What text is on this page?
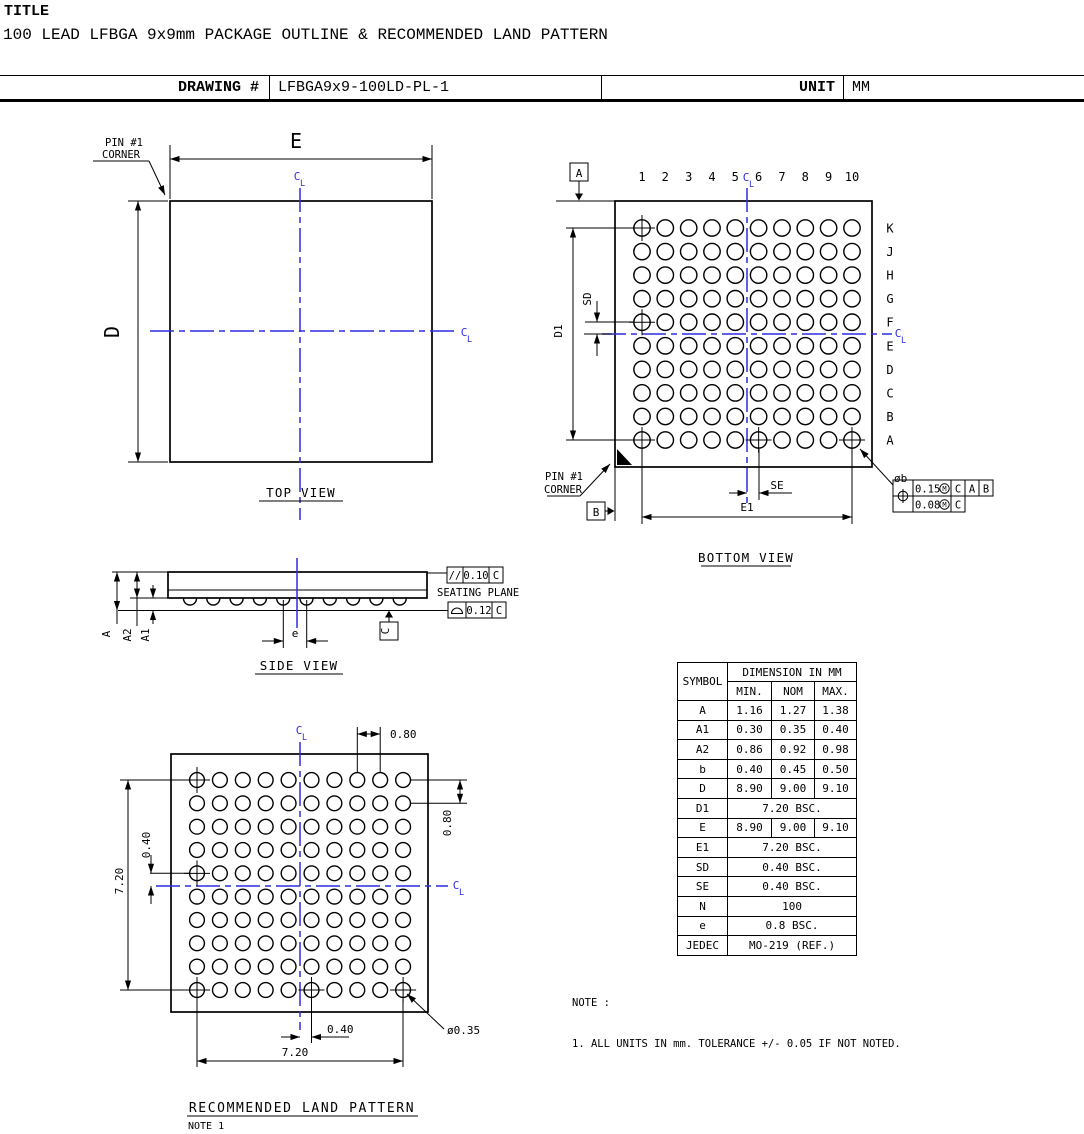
TITLE
100 LEAD LFBGA 9x9mm PACKAGE OUTLINE & RECOMMENDED LAND PATTERN
DRAWING #	LFBGA9x9-100LD-PL-1	UNIT	MM
E
D
PIN #1
CORNER
C
L
C
L
TOP VIEW
C
L
C
L
1 2 3 4 5 6 7 8 9 10
K
J
H
G
F
E
D
C
B
A
A
B
D1
SD
E1
SE
PIN #1
CORNER
øb
0.15 M C A B
0.08 M C
BOTTOM VIEW
A A2 A1	e	C
// 0.10 C
SEATING PLANE
0.12 C
SIDE VIEW
C
L
C
L
0.80
0.80
0.40
7.20
0.40
7.20
ø0.35
RECOMMENDED LAND PATTERN
NOTE 1
SYMBOL	DIMENSION IN MM		
	MIN.	NOM	MAX.
A	1.16	1.27	1.38
A1	0.30	0.35	0.40
A2	0.86	0.92	0.98
b	0.40	0.45	0.50
D	8.90	9.00	9.10
D1	7.20 BSC.		
E	8.90	9.00	9.10
E1	7.20 BSC.		
SD	0.40 BSC.		
SE	0.40 BSC.		
N	100		
e	0.8 BSC.		
JEDEC	MO-219 (REF.)		

NOTE :

1. ALL UNITS IN mm. TOLERANCE +/- 0.05 IF NOT NOTED.
